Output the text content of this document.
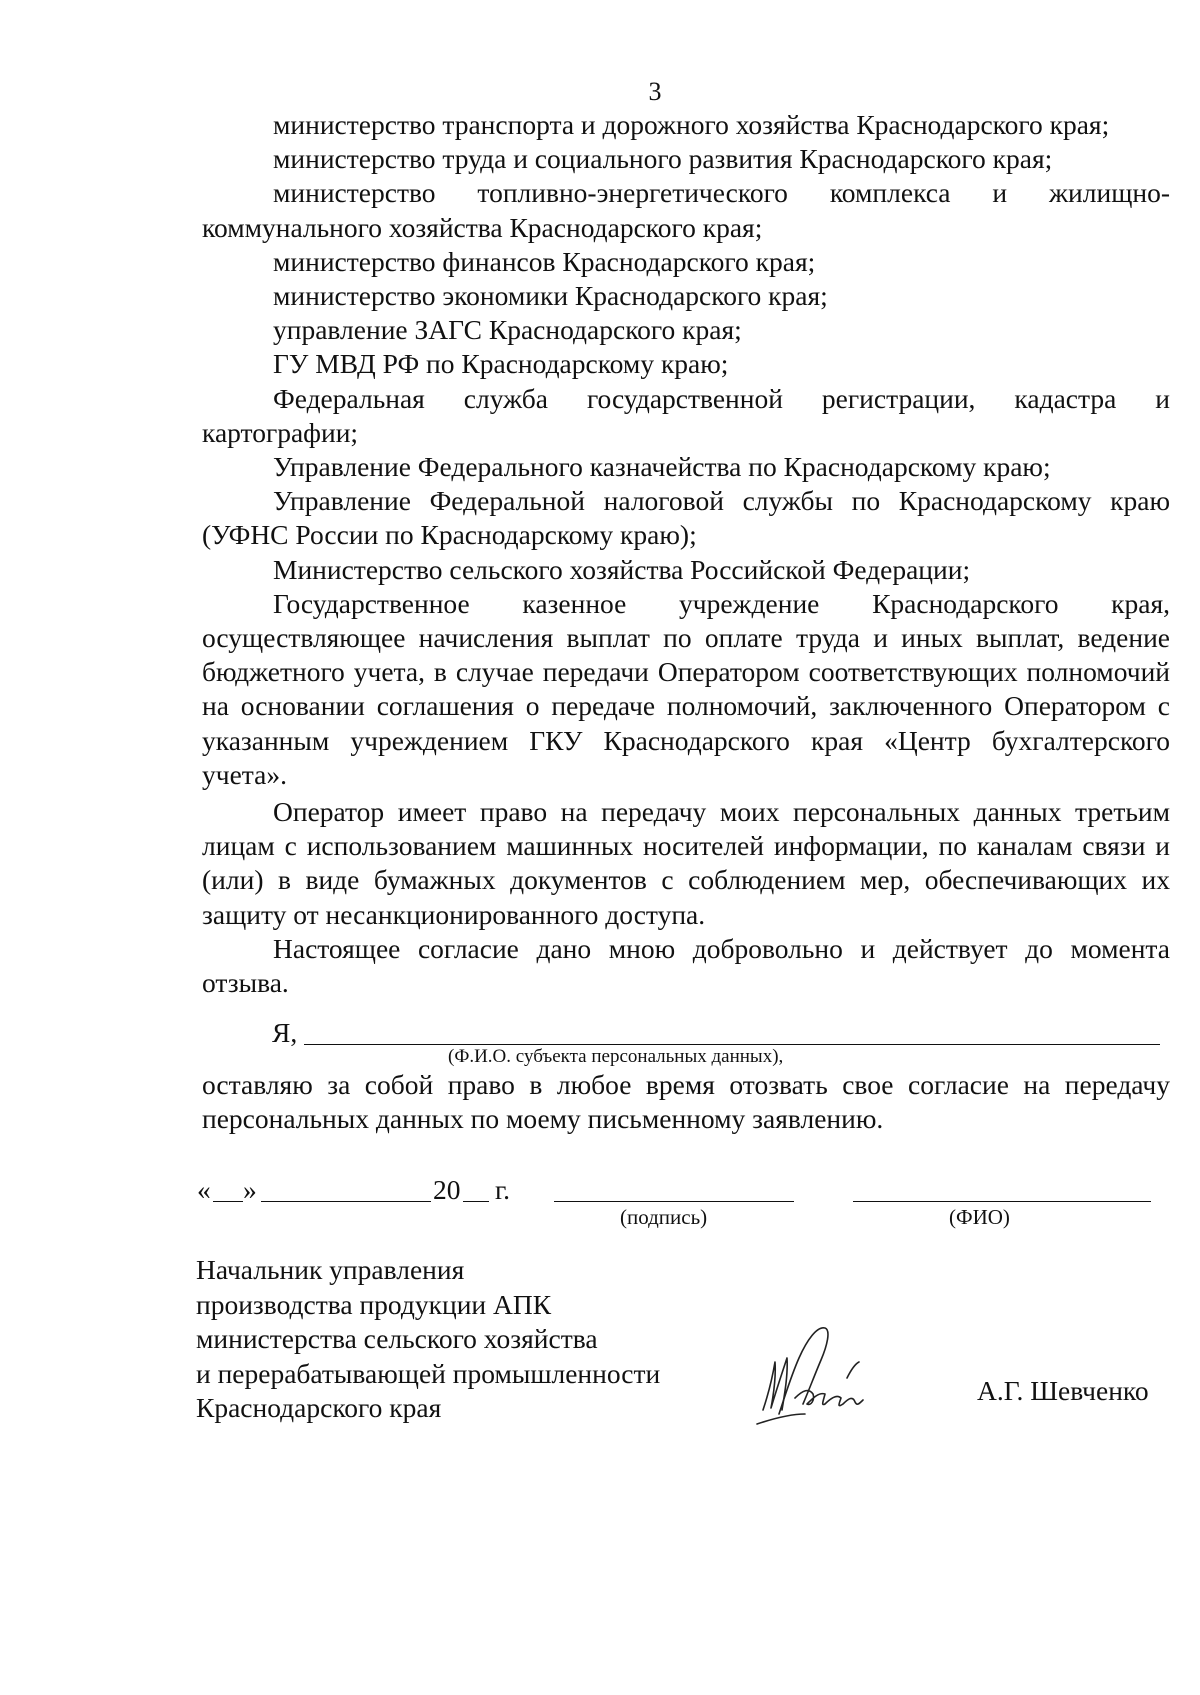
3

министерство транспорта и дорожного хозяйства Краснодарского края;

министерство труда и социального развития Краснодарского края;

министерство топливно-энергетического комплекса и жилищно-коммунального хозяйства Краснодарского края;

министерство финансов Краснодарского края;

министерство экономики Краснодарского края;

управление ЗАГС Краснодарского края;

ГУ МВД РФ по Краснодарскому краю;

Федеральная служба государственной регистрации, кадастра и картографии;

Управление Федерального казначейства по Краснодарскому краю;

Управление Федеральной налоговой службы по Краснодарскому краю (УФНС России по Краснодарскому краю);

Министерство сельского хозяйства Российской Федерации;

Государственное казенное учреждение Краснодарского края, осуществляющее начисления выплат по оплате труда и иных выплат, ведение бюджетного учета, в случае передачи Оператором соответствующих полномочий на основании соглашения о передаче полномочий, заключенного Оператором с указанным учреждением ГКУ Краснодарского края «Центр бухгалтерского учета».

Оператор имеет право на передачу моих персональных данных третьим лицам с использованием машинных носителей информации, по каналам связи и (или) в виде бумажных документов с соблюдением мер, обеспечивающих их защиту от несанкционированного доступа.

Настоящее согласие дано мною добровольно и действует до момента отзыва.

Я,
(Ф.И.О. субъекта персональных данных),
оставляю за собой право в любое время отозвать свое согласие на передачу персональных данных по моему письменному заявлению.
« »	20 г.
(подпись)	(ФИО)
Начальник управления
производства продукции АПК
министерства сельского хозяйства
и перерабатывающей промышленности
Краснодарского края
А.Г. Шевченко
